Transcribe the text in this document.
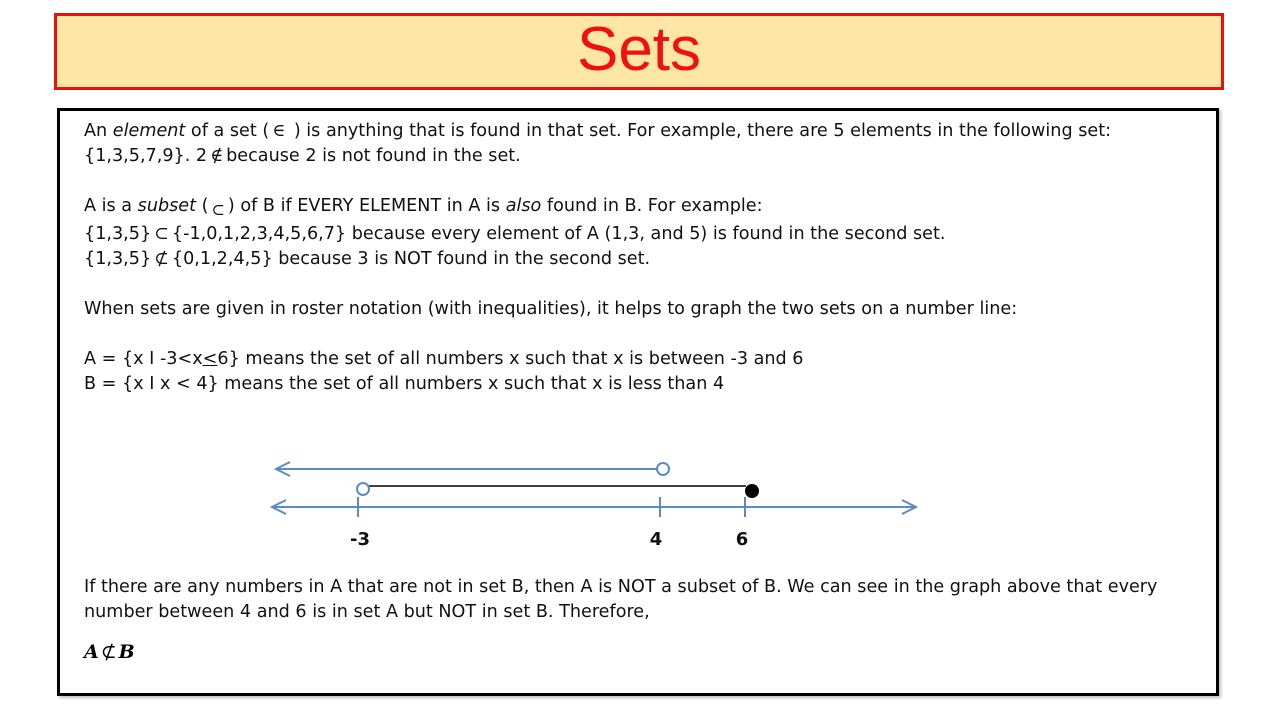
Sets

An element of a set ( ∈ ) is anything that is found in that set. For example, there are 5 elements in the following set: {1,3,5,7,9}. 2 ∉ because 2 is not found in the set.

A is a subset ( ⊂ ) of B if EVERY ELEMENT in A is also found in B. For example:

{1,3,5} ⊂ {-1,0,1,2,3,4,5,6,7} because every element of A (1,3, and 5) is found in the second set.

{1,3,5} ⊄ {0,1,2,4,5} because 3 is NOT found in the second set.

When sets are given in roster notation (with inequalities), it helps to graph the two sets on a number line:

A = {x I -3<x≤6} means the set of all numbers x such that x is between -3 and 6

B = {x I x < 4} means the set of all numbers x such that x is less than 4

-3	4	6

If there are any numbers in A that are not in set B, then A is NOT a subset of B. We can see in the graph above that every number between 4 and 6 is in set A but NOT in set B. Therefore,

A ⊄ B
